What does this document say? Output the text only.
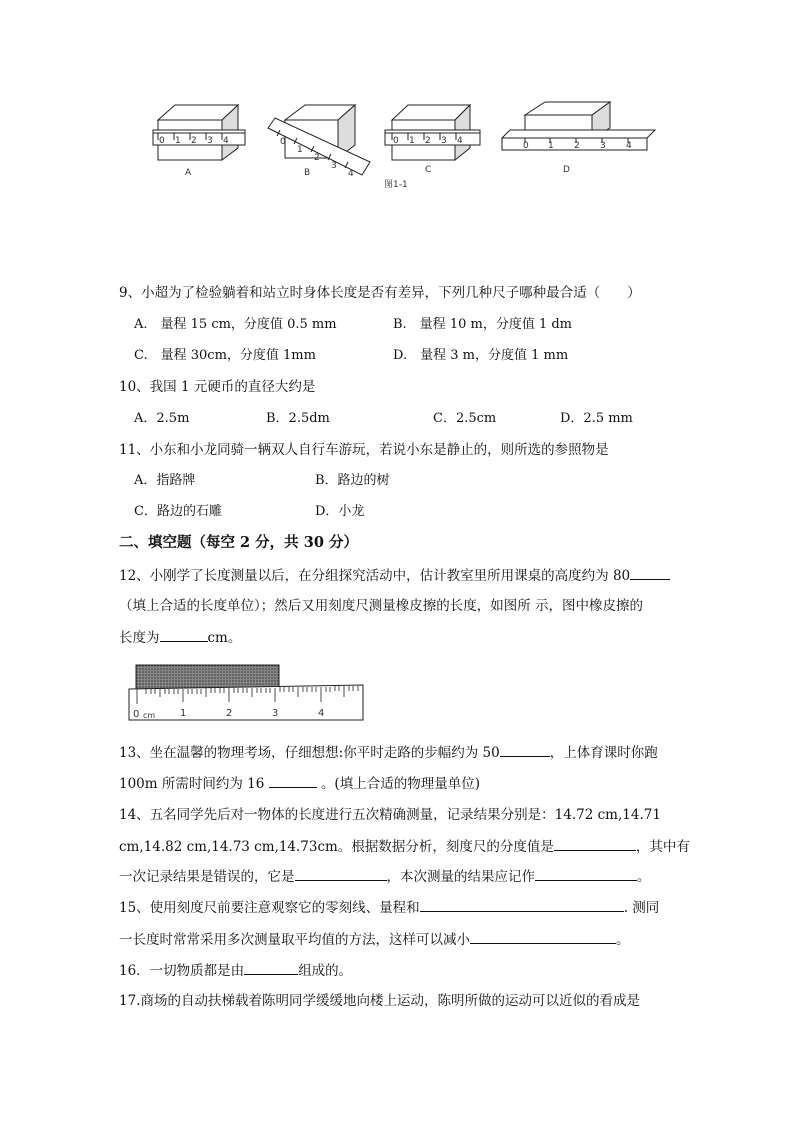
0 1 2 3 4
A
0
1
2
3
4
B
0 1 2 3 4
C
0 1 2 3 4
D
图1-1
9、小超为了检验躺着和站立时身体长度是否有差异，下列几种尺子哪种最合适（　　）
A.　量程 15 cm，分度值 0.5 mm	B.　量程 10 m，分度值 1 dm
C.　量程 30cm，分度值 1mm	D.　量程 3 m，分度值 1 mm
10、我国 1 元硬币的直径大约是
A．2.5m	B．2.5dm	C．2.5cm	D．2.5 mm
11、小东和小龙同骑一辆双人自行车游玩，若说小东是静止的，则所选的参照物是
A．指路牌	B．路边的树
C．路边的石雕	D．小龙
二、填空题（每空 2 分，共 30 分）
12、小刚学了长度测量以后，在分组探究活动中，估计教室里所用课桌的高度约为 80
（填上合适的长度单位）；然后又用刻度尺测量橡皮擦的长度，如图所 示，图中橡皮擦的
长度为	cm。
0 cm 1	2	3	4
13、坐在温馨的物理考场，仔细想想:你平时走路的步幅约为 50	，上体育课时你跑
100m 所需时间约为 16	。(填上合适的物理量单位)
14、五名同学先后对一物体的长度进行五次精确测量，记录结果分别是：14.72 cm,14.71
cm,14.82 cm,14.73 cm,14.73cm。根据数据分析，刻度尺的分度值是	，其中有
一次记录结果是错误的，它是	，本次测量的结果应记作	。
15、使用刻度尺前要注意观察它的零刻线、量程和	. 测同
一长度时常常采用多次测量取平均值的方法，这样可以减小	。
16．一切物质都是由	组成的。
17.商场的自动扶梯载着陈明同学缓缓地向楼上运动，陈明所做的运动可以近似的看成是
